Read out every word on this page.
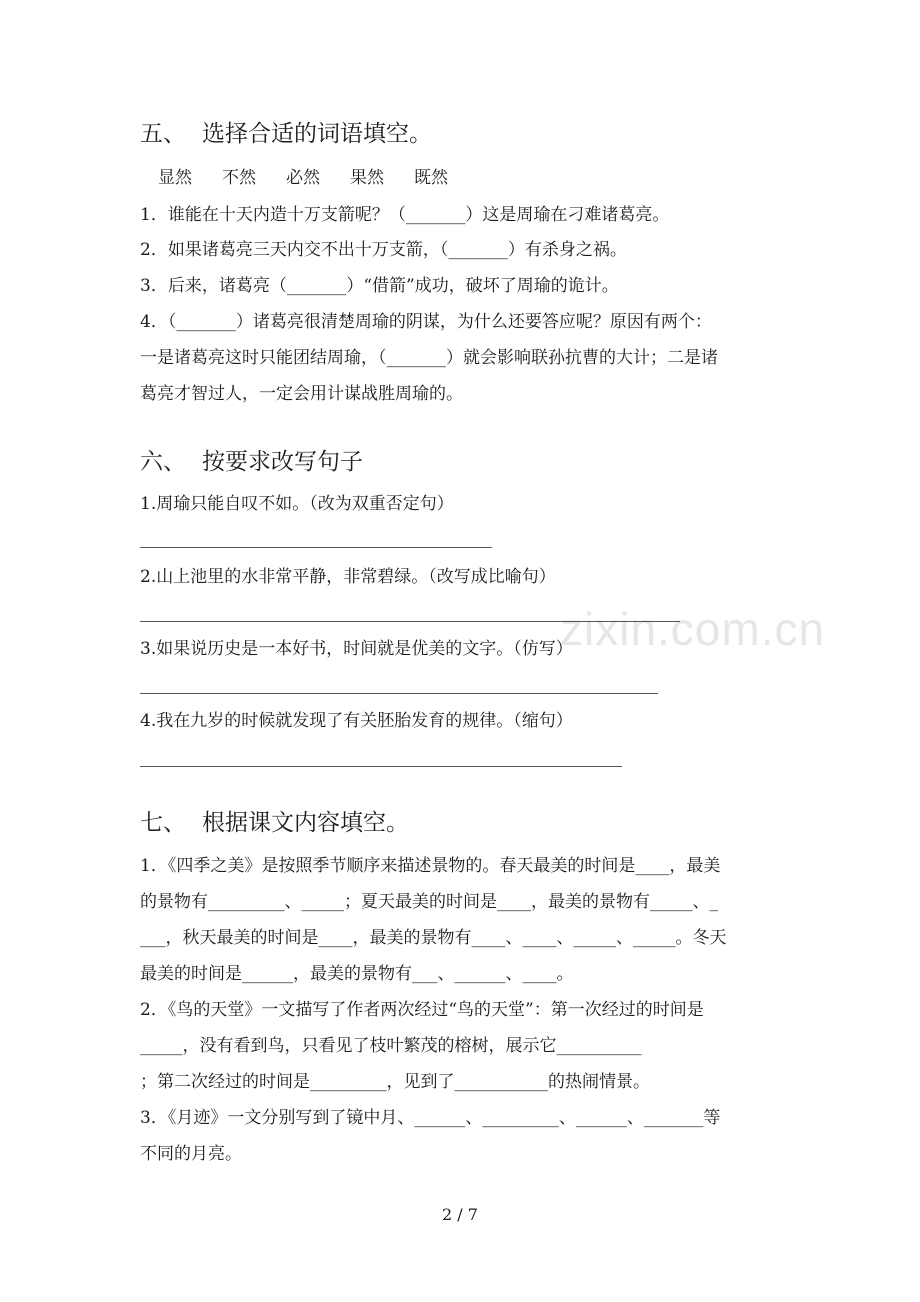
zixin.com.cn
五、 选择合适的词语填空。
显然 不然 必然 果然 既然
1．谁能在十天内造十万支箭呢？（_______）这是周瑜在刁难诸葛亮。
2．如果诸葛亮三天内交不出十万支箭，（_______）有杀身之祸。
3．后来，诸葛亮（_______）“借箭”成功，破坏了周瑜的诡计。
4．（_______）诸葛亮很清楚周瑜的阴谋，为什么还要答应呢？原因有两个：
一是诸葛亮这时只能团结周瑜，（_______）就会影响联孙抗曹的大计；二是诸
葛亮才智过人，一定会用计谋战胜周瑜的。
六、 按要求改写句子
1.周瑜只能自叹不如。（改为双重否定句）
2.山上池里的水非常平静，非常碧绿。（改写成比喻句）
3.如果说历史是一本好书，时间就是优美的文字。（仿写）
4.我在九岁的时候就发现了有关胚胎发育的规律。（缩句）
七、 根据课文内容填空。
1．《四季之美》是按照季节顺序来描述景物的。春天最美的时间是____，最美
的景物有_________、_____；夏天最美的时间是____，最美的景物有_____、_
___，秋天最美的时间是____，最美的景物有____、____、_____、_____。冬天
最美的时间是______，最美的景物有___、______、____。
2．《鸟的天堂》一文描写了作者两次经过“鸟的天堂”：第一次经过的时间是
_____，没有看到鸟，只看见了枝叶繁茂的榕树，展示它__________
；第二次经过的时间是_________，见到了___________的热闹情景。
3．《月迹》一文分别写到了镜中月、______、_________、______、_______等
不同的月亮。
2 / 7
